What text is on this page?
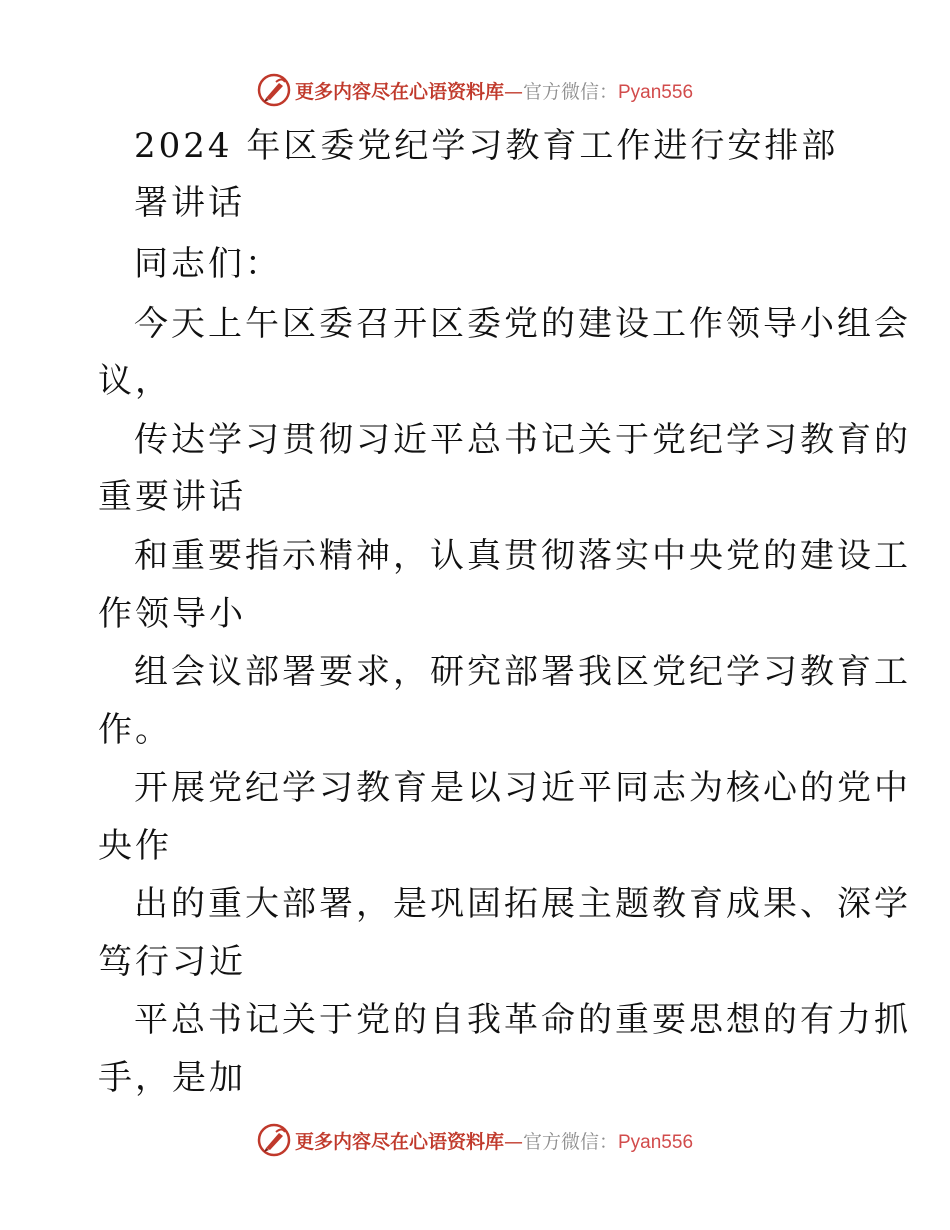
更多内容尽在心语资料库—官方微信：Pyan556
2024 年区委党纪学习教育工作进行安排部
署讲话
同志们：
今天上午区委召开区委党的建设工作领导小组会
议，
传达学习贯彻习近平总书记关于党纪学习教育的
重要讲话
和重要指示精神，认真贯彻落实中央党的建设工
作领导小
组会议部署要求，研究部署我区党纪学习教育工
作。
开展党纪学习教育是以习近平同志为核心的党中
央作
出的重大部署，是巩固拓展主题教育成果、深学
笃行习近
平总书记关于党的自我革命的重要思想的有力抓
手，是加
更多内容尽在心语资料库—官方微信：Pyan556
